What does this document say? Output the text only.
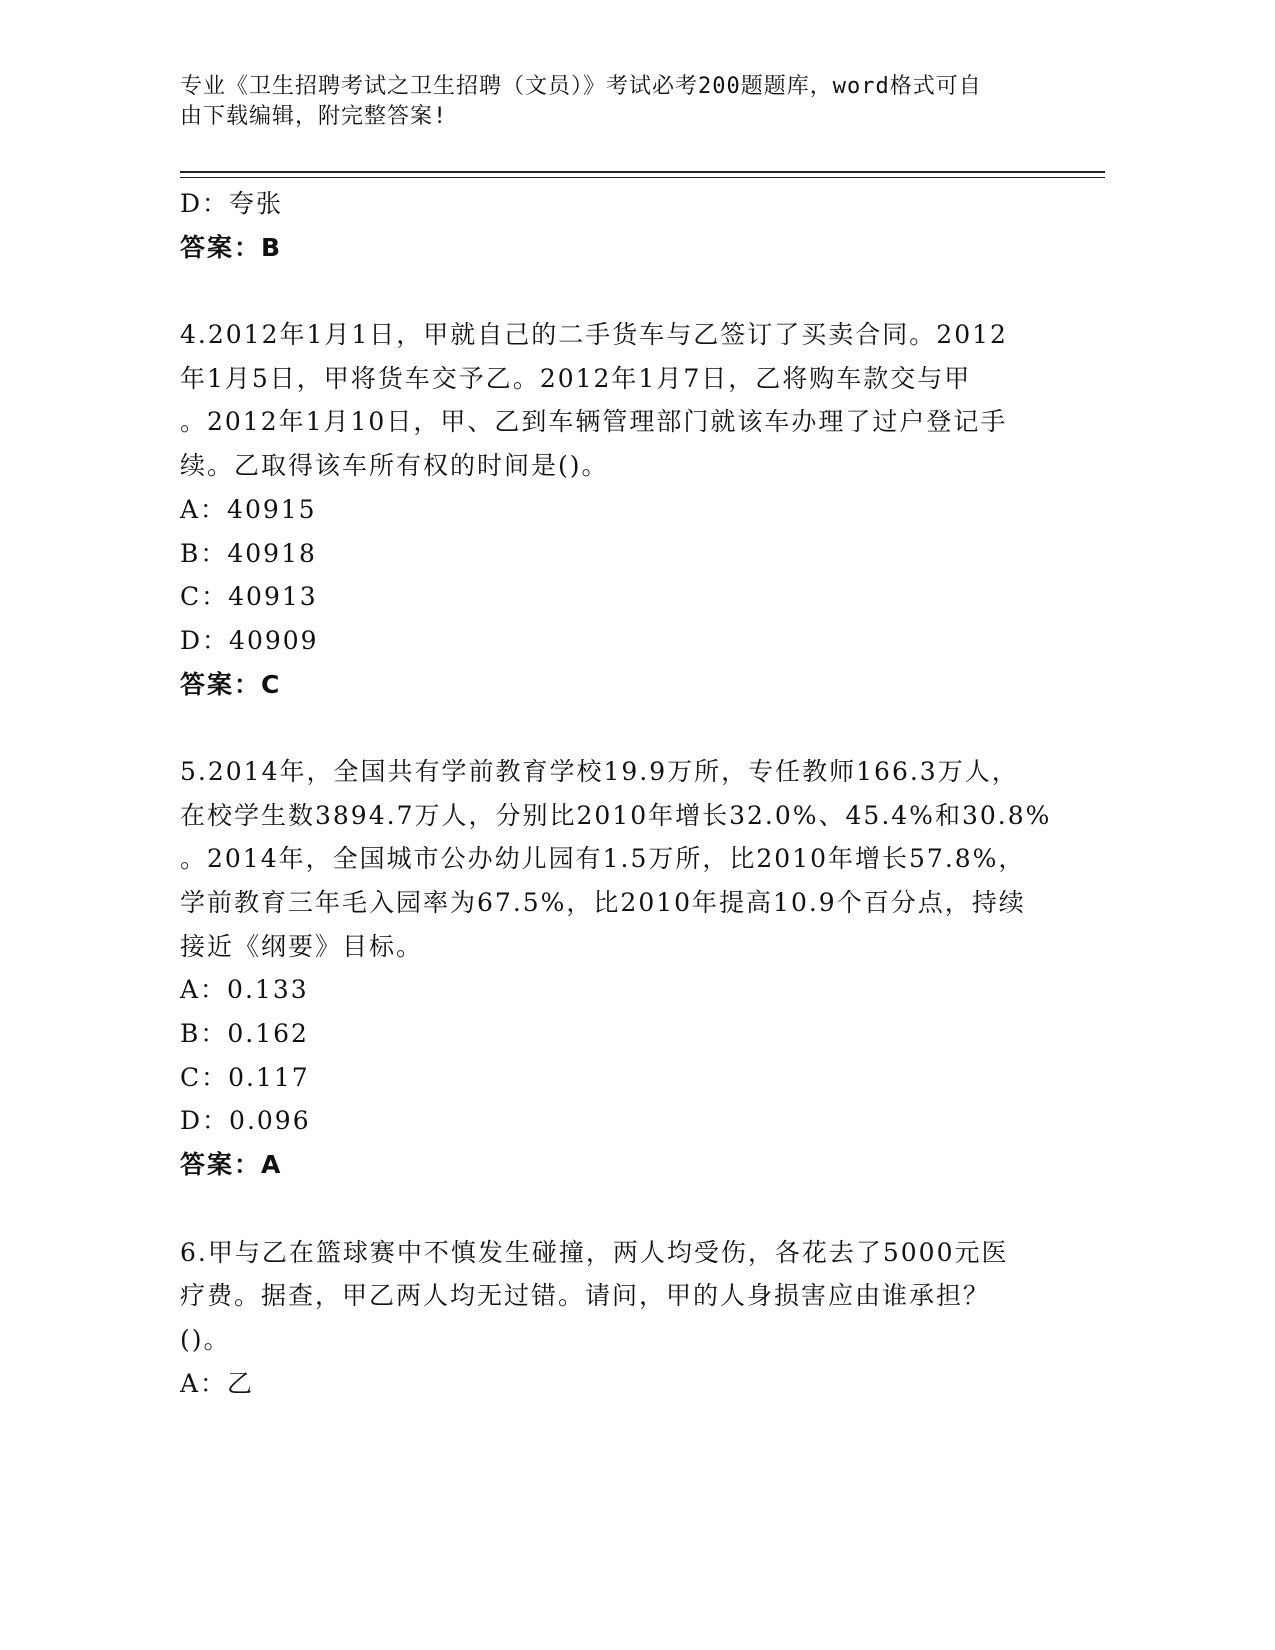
专业《卫生招聘考试之卫生招聘（文员）》考试必考200题题库，word格式可自
由下载编辑，附完整答案!
D：夸张
答案：B
4.2012年1月1日，甲就自己的二手货车与乙签订了买卖合同。2012
年1月5日，甲将货车交予乙。2012年1月7日，乙将购车款交与甲
。2012年1月10日，甲、乙到车辆管理部门就该车办理了过户登记手
续。乙取得该车所有权的时间是()。
A：40915
B：40918
C：40913
D：40909
答案：C
5.2014年，全国共有学前教育学校19.9万所，专任教师166.3万人，
在校学生数3894.7万人，分别比2010年增长32.0%、45.4%和30.8%
。2014年，全国城市公办幼儿园有1.5万所，比2010年增长57.8%，
学前教育三年毛入园率为67.5%，比2010年提高10.9个百分点，持续
接近《纲要》目标。
A：0.133
B：0.162
C：0.117
D：0.096
答案：A
6.甲与乙在篮球赛中不慎发生碰撞，两人均受伤，各花去了5000元医
疗费。据查，甲乙两人均无过错。请问，甲的人身损害应由谁承担？
()。
A：乙
